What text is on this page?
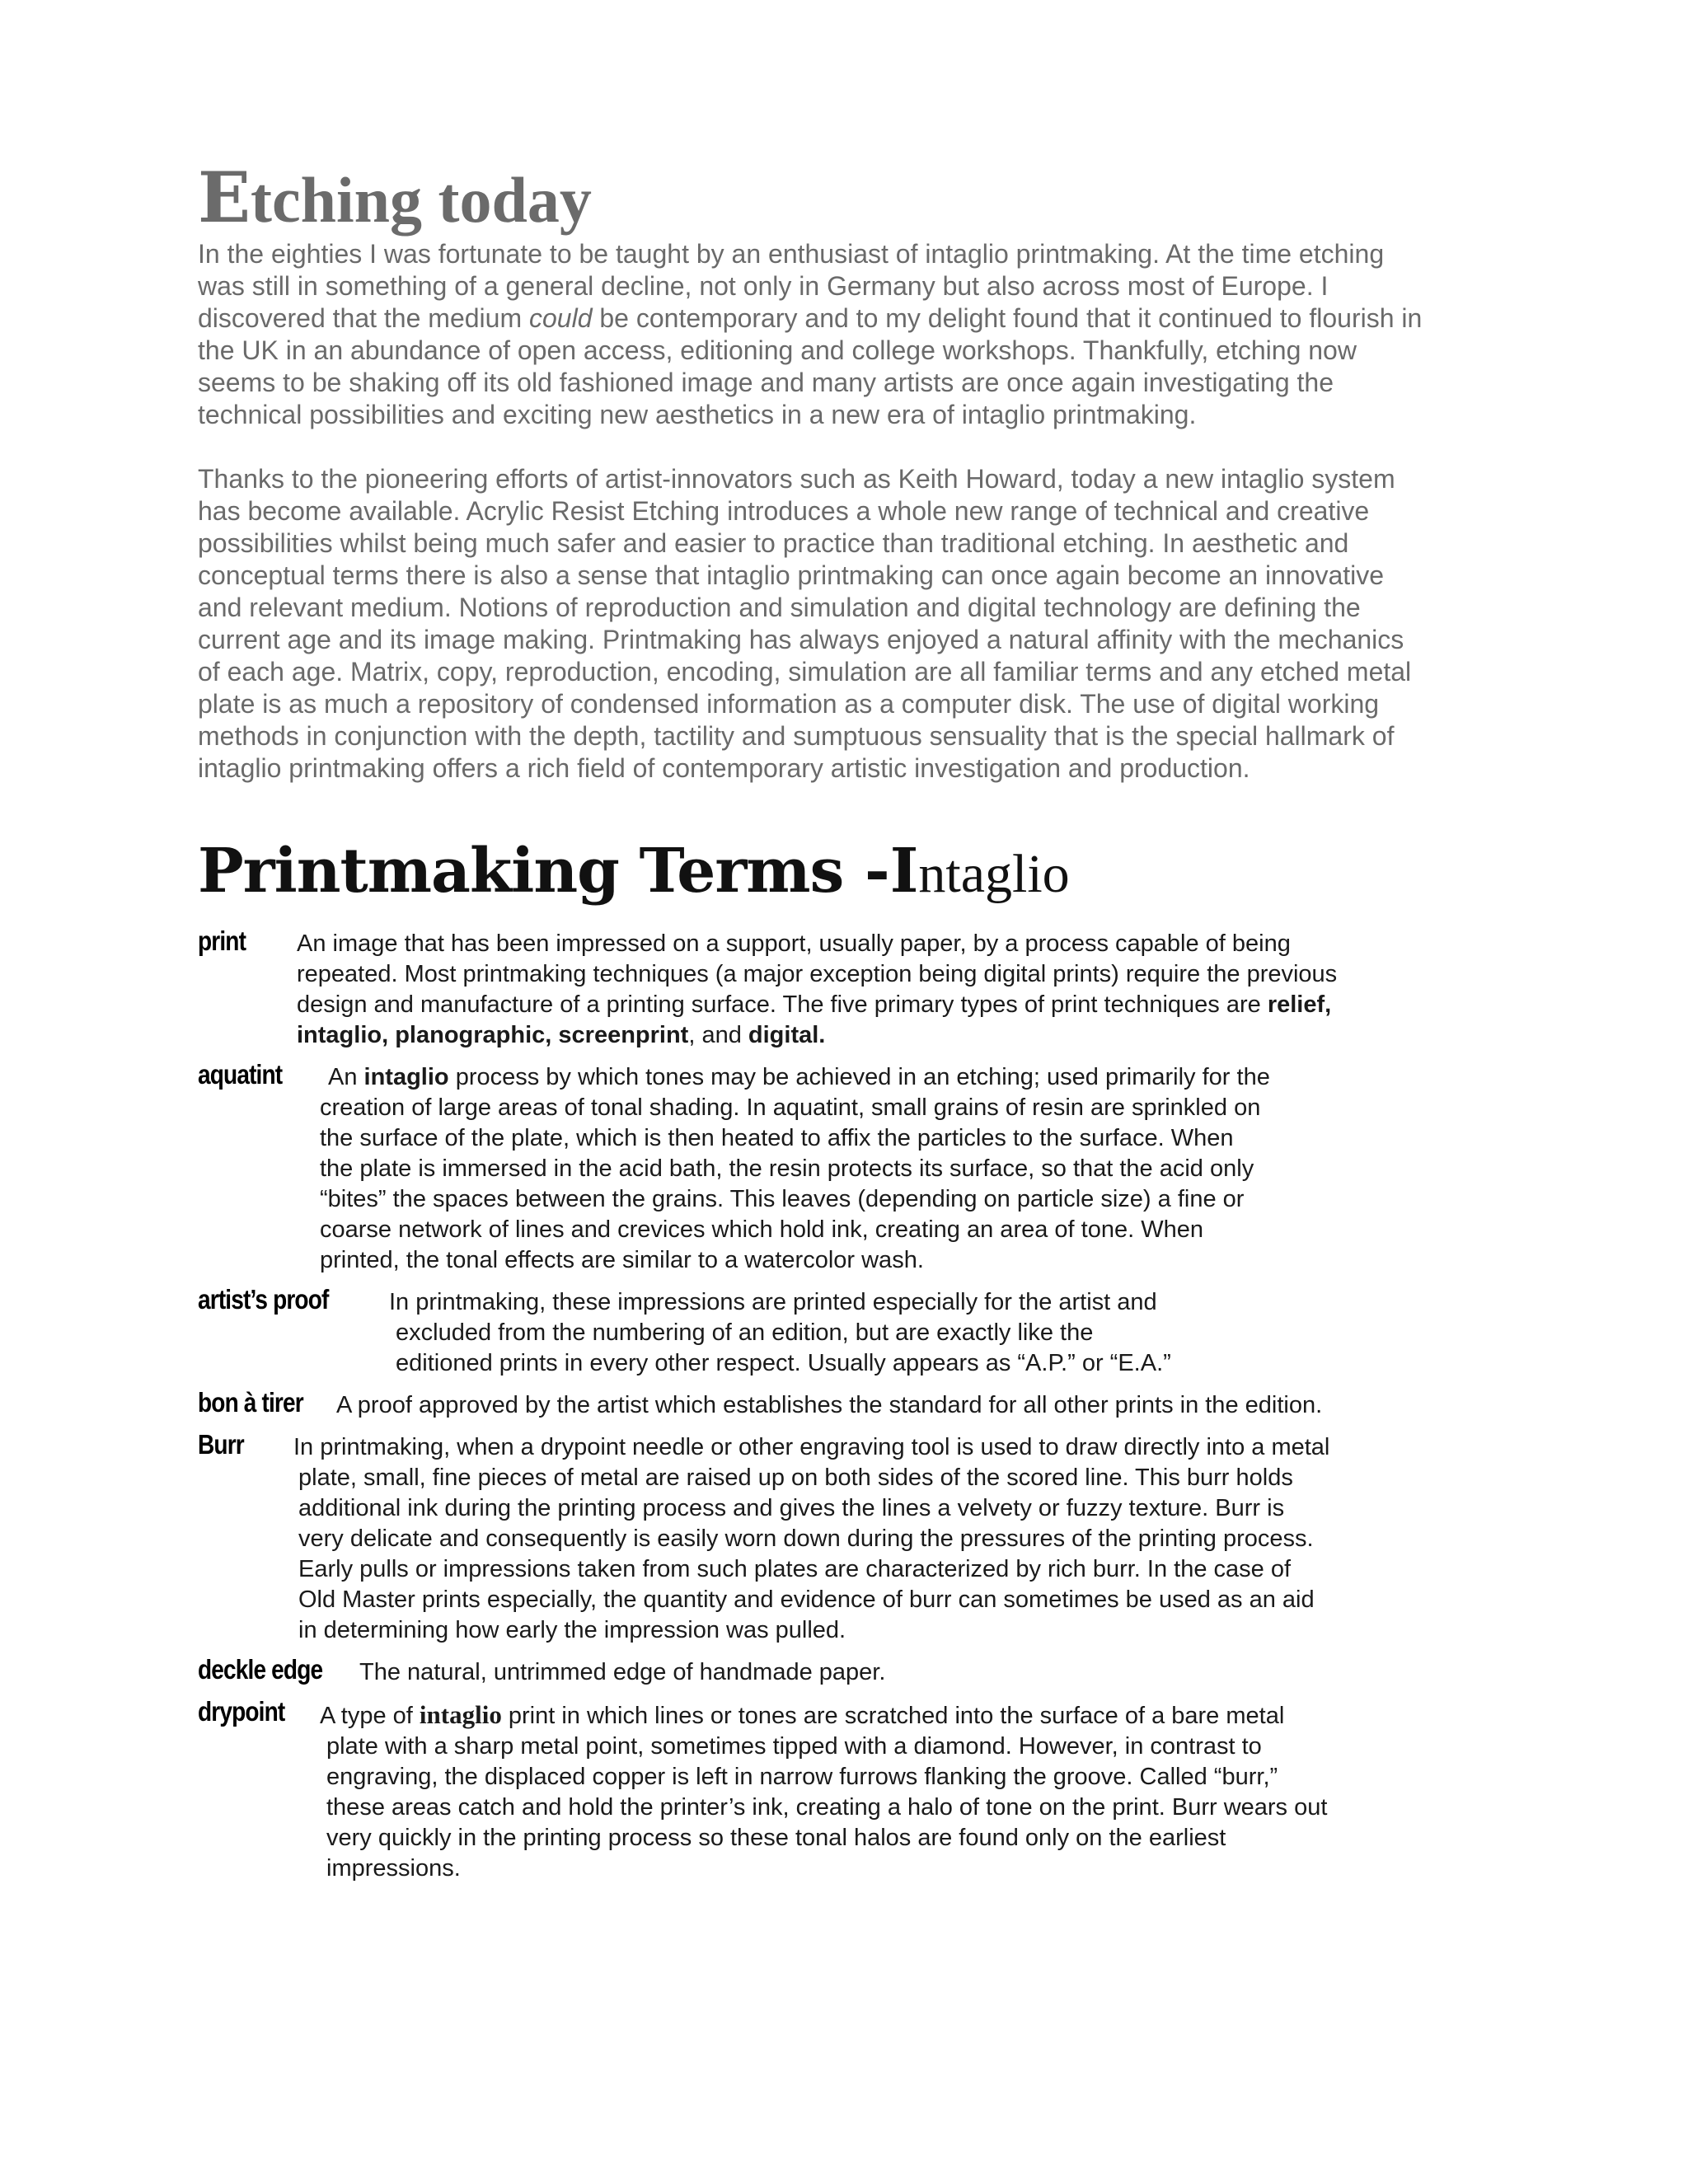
Etching today

In the eighties I was fortunate to be taught by an enthusiast of intaglio printmaking. At the time etching
was still in something of a general decline, not only in Germany but also across most of Europe. I
discovered that the medium could be contemporary and to my delight found that it continued to flourish in
the UK in an abundance of open access, editioning and college workshops. Thankfully, etching now
seems to be shaking off its old fashioned image and many artists are once again investigating the
technical possibilities and exciting new aesthetics in a new era of intaglio printmaking.

Thanks to the pioneering efforts of artist-innovators such as Keith Howard, today a new intaglio system
has become available. Acrylic Resist Etching introduces a whole new range of technical and creative
possibilities whilst being much safer and easier to practice than traditional etching. In aesthetic and
conceptual terms there is also a sense that intaglio printmaking can once again become an innovative
and relevant medium. Notions of reproduction and simulation and digital technology are defining the
current age and its image making. Printmaking has always enjoyed a natural affinity with the mechanics
of each age. Matrix, copy, reproduction, encoding, simulation are all familiar terms and any etched metal
plate is as much a repository of condensed information as a computer disk. The use of digital working
methods in conjunction with the depth, tactility and sumptuous sensuality that is the special hallmark of
intaglio printmaking offers a rich field of contemporary artistic investigation and production.

Printmaking Terms -Intaglio
print	An image that has been impressed on a support, usually paper, by a process capable of being
repeated. Most printmaking techniques (a major exception being digital prints) require the previous
design and manufacture of a printing surface. The five primary types of print techniques are relief,
intaglio, planographic, screenprint, and digital.
aquatint	An intaglio process by which tones may be achieved in an etching; used primarily for the
creation of large areas of tonal shading. In aquatint, small grains of resin are sprinkled on
the surface of the plate, which is then heated to affix the particles to the surface. When
the plate is immersed in the acid bath, the resin protects its surface, so that the acid only
“bites” the spaces between the grains. This leaves (depending on particle size) a fine or
coarse network of lines and crevices which hold ink, creating an area of tone. When
printed, the tonal effects are similar to a watercolor wash.
artist’s proof	In printmaking, these impressions are printed especially for the artist and
excluded from the numbering of an edition, but are exactly like the
editioned prints in every other respect. Usually appears as “A.P.” or “E.A.”
bon à tirer	A proof approved by the artist which establishes the standard for all other prints in the edition.
Burr	In printmaking, when a drypoint needle or other engraving tool is used to draw directly into a metal
plate, small, fine pieces of metal are raised up on both sides of the scored line. This burr holds
additional ink during the printing process and gives the lines a velvety or fuzzy texture. Burr is
very delicate and consequently is easily worn down during the pressures of the printing process.
Early pulls or impressions taken from such plates are characterized by rich burr. In the case of
Old Master prints especially, the quantity and evidence of burr can sometimes be used as an aid
in determining how early the impression was pulled.
deckle edge	The natural, untrimmed edge of handmade paper.
drypoint	A type of intaglio print in which lines or tones are scratched into the surface of a bare metal
plate with a sharp metal point, sometimes tipped with a diamond. However, in contrast to
engraving, the displaced copper is left in narrow furrows flanking the groove. Called “burr,”
these areas catch and hold the printer’s ink, creating a halo of tone on the print. Burr wears out
very quickly in the printing process so these tonal halos are found only on the earliest
impressions.
